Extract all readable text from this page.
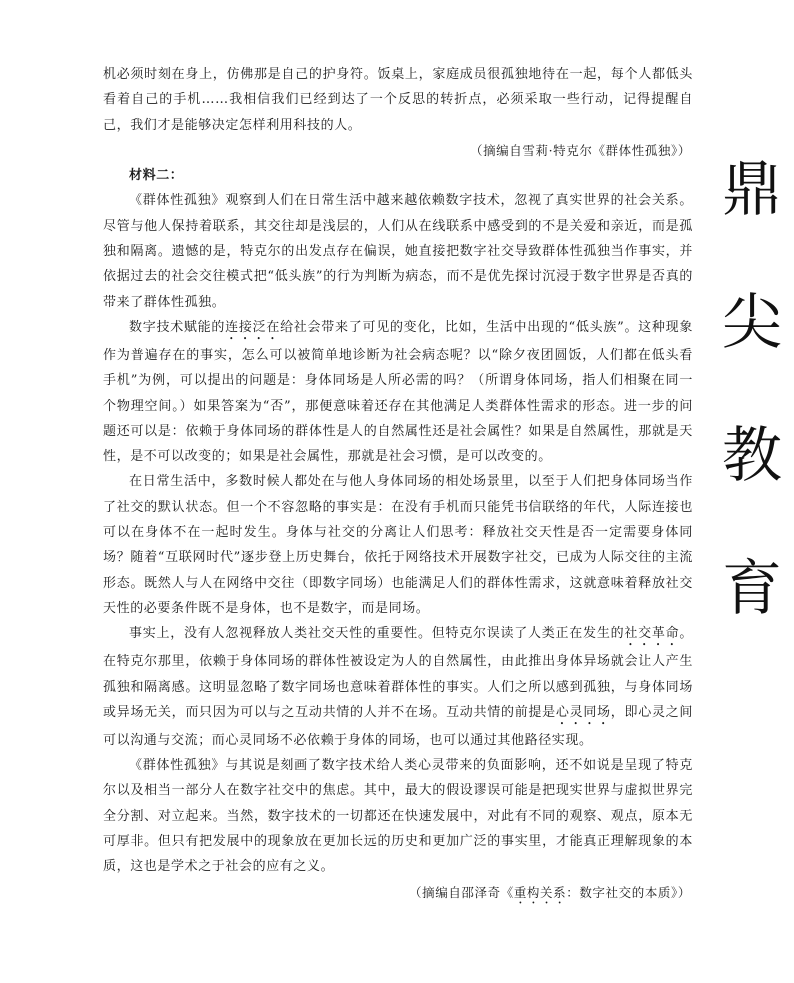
机必须时刻在身上，仿佛那是自己的护身符。饭桌上，家庭成员很孤独地待在一起，每个人都低头看着自己的手机……我相信我们已经到达了一个反思的转折点，必须采取一些行动，记得提醒自己，我们才是能够决定怎样利用科技的人。

（摘编自雪莉·特克尔《群体性孤独》）

材料二：

《群体性孤独》观察到人们在日常生活中越来越依赖数字技术，忽视了真实世界的社会关系。尽管与他人保持着联系，其交往却是浅层的，人们从在线联系中感受到的不是关爱和亲近，而是孤独和隔离。遗憾的是，特克尔的出发点存在偏误，她直接把数字社交导致群体性孤独当作事实，并依据过去的社会交往模式把“低头族”的行为判断为病态，而不是优先探讨沉浸于数字世界是否真的带来了群体性孤独。

数字技术赋能的连接泛在给社会带来了可见的变化，比如，生活中出现的“低头族”。这种现象作为普遍存在的事实，怎么可以被简单地诊断为社会病态呢？以“除夕夜团圆饭，人们都在低头看手机”为例，可以提出的问题是：身体同场是人所必需的吗？（所谓身体同场，指人们相聚在同一个物理空间。）如果答案为“否”，那便意味着还存在其他满足人类群体性需求的形态。进一步的问题还可以是：依赖于身体同场的群体性是人的自然属性还是社会属性？如果是自然属性，那就是天性，是不可以改变的；如果是社会属性，那就是社会习惯，是可以改变的。

在日常生活中，多数时候人都处在与他人身体同场的相处场景里，以至于人们把身体同场当作了社交的默认状态。但一个不容忽略的事实是：在没有手机而只能凭书信联络的年代，人际连接也可以在身体不在一起时发生。身体与社交的分离让人们思考：释放社交天性是否一定需要身体同场？随着“互联网时代”逐步登上历史舞台，依托于网络技术开展数字社交，已成为人际交往的主流形态。既然人与人在网络中交往（即数字同场）也能满足人们的群体性需求，这就意味着释放社交天性的必要条件既不是身体，也不是数字，而是同场。

事实上，没有人忽视释放人类社交天性的重要性。但特克尔误读了人类正在发生的社交革命。在特克尔那里，依赖于身体同场的群体性被设定为人的自然属性，由此推出身体异场就会让人产生孤独和隔离感。这明显忽略了数字同场也意味着群体性的事实。人们之所以感到孤独，与身体同场或异场无关，而只因为可以与之互动共情的人并不在场。互动共情的前提是心灵同场，即心灵之间可以沟通与交流；而心灵同场不必依赖于身体的同场，也可以通过其他路径实现。

《群体性孤独》与其说是刻画了数字技术给人类心灵带来的负面影响，还不如说是呈现了特克尔以及相当一部分人在数字社交中的焦虑。其中，最大的假设谬误可能是把现实世界与虚拟世界完全分割、对立起来。当然，数字技术的一切都还在快速发展中，对此有不同的观察、观点，原本无可厚非。但只有把发展中的现象放在更加长远的历史和更加广泛的事实里，才能真正理解现象的本质，这也是学术之于社会的应有之义。

（摘编自邵泽奇《重构关系：数字社交的本质》）

鼎
尖
教
育
